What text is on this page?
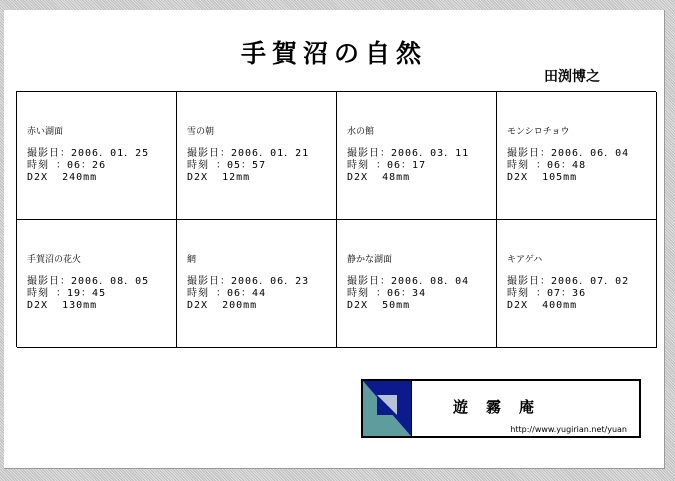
手賀沼の自然
田渕博之
赤い湖面
撮影日：2006．01．25
時刻 ：06：26
D2X  240mm
雪の朝
撮影日：2006．01．21
時刻 ：05：57
D2X  12mm
水の館
撮影日：2006．03．11
時刻 ：06：17
D2X  48mm
モンシロチョウ
撮影日：2006．06．04
時刻 ：06：48
D2X  105mm
手賀沼の花火
撮影日：2006．08．05
時刻 ：19：45
D2X  130mm
網
撮影日：2006．06．23
時刻 ：06：44
D2X  200mm
静かな湖面
撮影日：2006．08．04
時刻 ：06：34
D2X  50mm
キアゲハ
撮影日：2006．07．02
時刻 ：07：36
D2X  400mm
遊霧庵
http://www.yugirian.net/yuan
